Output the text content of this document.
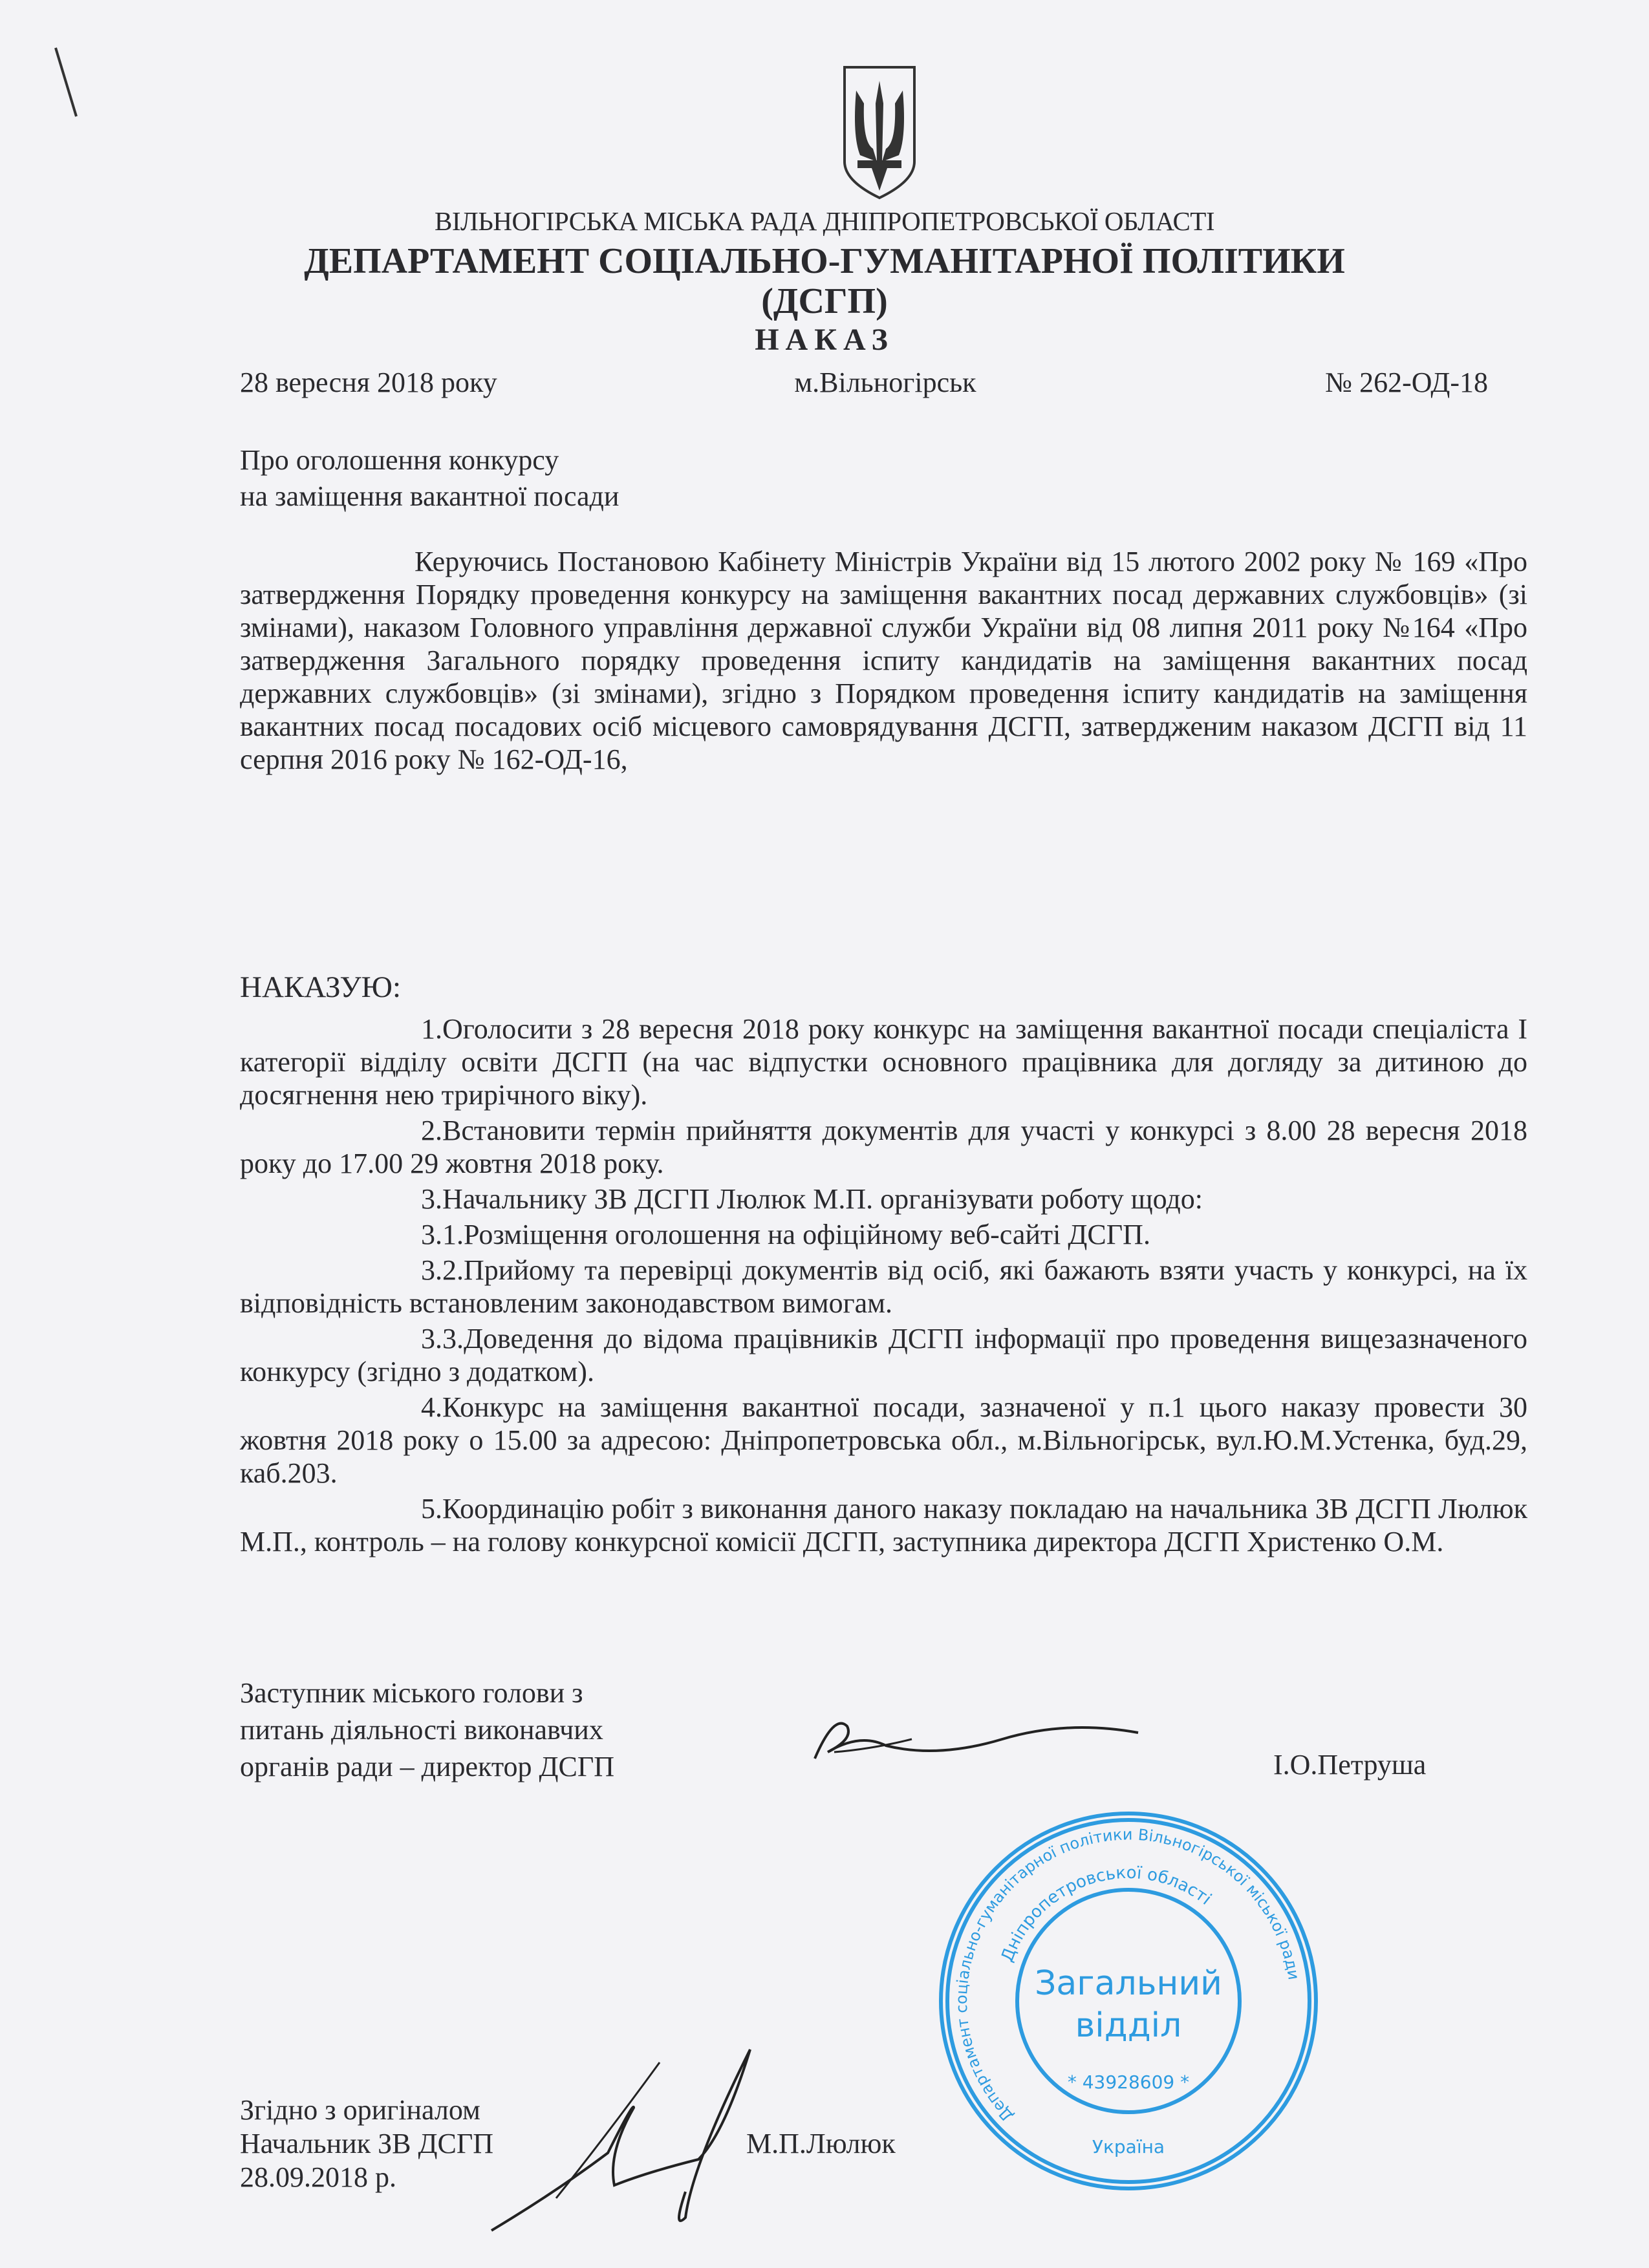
ВІЛЬНОГІРСЬКА МІСЬКА РАДА ДНІПРОПЕТРОВСЬКОЇ ОБЛАСТІ
ДЕПАРТАМЕНТ СОЦІАЛЬНО-ГУМАНІТАРНОЇ ПОЛІТИКИ
(ДСГП)
НАКАЗ
28 вересня 2018 року	м.Вільногірськ	№ 262-ОД-18
Про оголошення конкурсу
на заміщення вакантної посади

Керуючись Постановою Кабінету Міністрів України від 15 лютого 2002 року № 169 «Про затвердження Порядку проведення конкурсу на заміщення вакантних посад державних службовців» (зі змінами), наказом Головного управління державної служби України від 08 липня 2011 року №164 «Про затвердження Загального порядку проведення іспиту кандидатів на заміщення вакантних посад державних службовців» (зі змінами), згідно з Порядком проведення іспиту кандидатів на заміщення вакантних посад посадових осіб місцевого самоврядування ДСГП, затвердженим наказом ДСГП від 11 серпня 2016 року № 162-ОД-16,

НАКАЗУЮ:

1.Оголосити з 28 вересня 2018 року конкурс на заміщення вакантної посади спеціаліста І категорії відділу освіти ДСГП (на час відпустки основного працівника для догляду за дитиною до досягнення нею трирічного віку).

2.Встановити термін прийняття документів для участі у конкурсі з 8.00 28 вересня 2018 року до 17.00 29 жовтня 2018 року.

3.Начальнику ЗВ ДСГП Люлюк М.П. організувати роботу щодо:

3.1.Розміщення оголошення на офіційному веб-сайті ДСГП.

3.2.Прийому та перевірці документів від осіб, які бажають взяти участь у конкурсі, на їх відповідність встановленим законодавством вимогам.

3.3.Доведення до відома працівників ДСГП інформації про проведення вищезазначеного конкурсу (згідно з додатком).

4.Конкурс на заміщення вакантної посади, зазначеної у п.1 цього наказу провести 30 жовтня 2018 року о 15.00 за адресою: Дніпропетровська обл., м.Вільногірськ, вул.Ю.М.Устенка, буд.29, каб.203.

5.Координацію робіт з виконання даного наказу покладаю на начальника ЗВ ДСГП Люлюк М.П., контроль – на голову конкурсної комісії ДСГП, заступника директора ДСГП Христенко О.М.

Заступник міського голови з
питань діяльності виконавчих
органів ради – директор ДСГП	І.О.Петруша
Згідно з оригіналом
Начальник ЗВ ДСГП
28.09.2018 р.
М.П.Люлюк
Департамент соціально-гуманітарної політики Вільногірської міської ради
Дніпропетровської області
Загальний
відділ
* 43928609 *
Україна
